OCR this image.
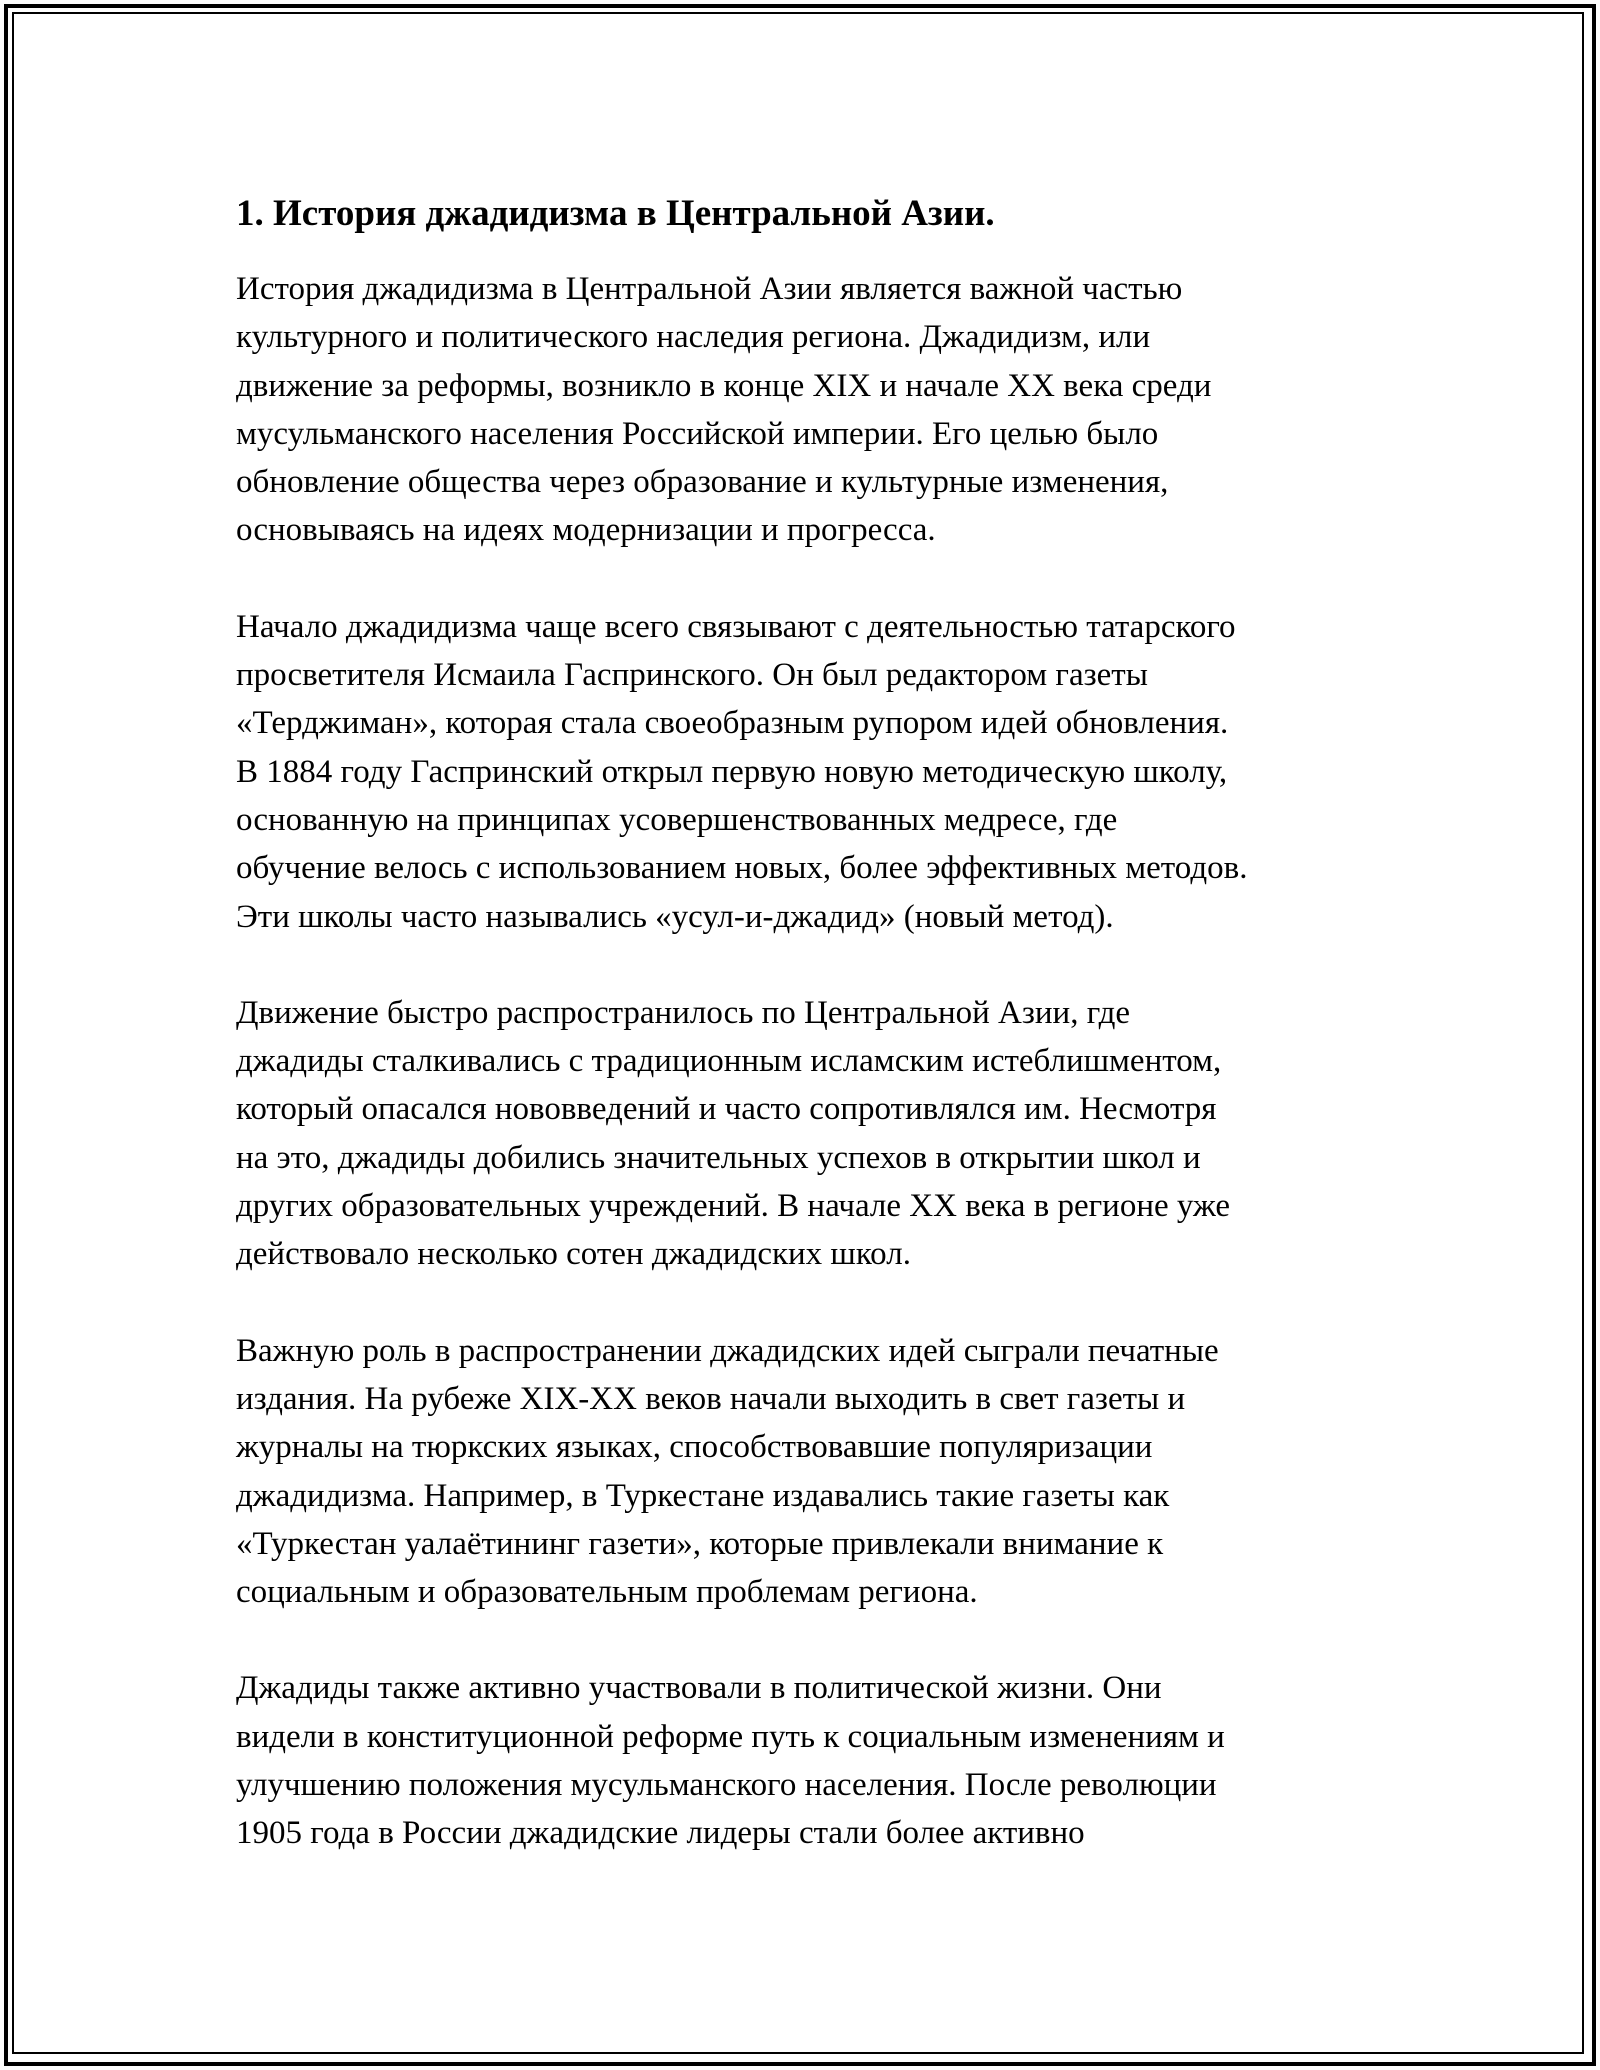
1. История джадидизма в Центральной Азии.

История джадидизма в Центральной Азии является важной частью
культурного и политического наследия региона. Джадидизм, или
движение за реформы, возникло в конце XIX и начале XX века среди
мусульманского населения Российской империи. Его целью было
обновление общества через образование и культурные изменения,
основываясь на идеях модернизации и прогресса.

Начало джадидизма чаще всего связывают с деятельностью татарского
просветителя Исмаила Гаспринского. Он был редактором газеты
«Терджиман», которая стала своеобразным рупором идей обновления.
В 1884 году Гаспринский открыл первую новую методическую школу,
основанную на принципах усовершенствованных медресе, где
обучение велось с использованием новых, более эффективных методов.
Эти школы часто назывались «усул-и-джадид» (новый метод).

Движение быстро распространилось по Центральной Азии, где
джадиды сталкивались с традиционным исламским истеблишментом,
который опасался нововведений и часто сопротивлялся им. Несмотря
на это, джадиды добились значительных успехов в открытии школ и
других образовательных учреждений. В начале XX века в регионе уже
действовало несколько сотен джадидских школ.

Важную роль в распространении джадидских идей сыграли печатные
издания. На рубеже XIX-XX веков начали выходить в свет газеты и
журналы на тюркских языках, способствовавшие популяризации
джадидизма. Например, в Туркестане издавались такие газеты как
«Туркестан уалаётининг газети», которые привлекали внимание к
социальным и образовательным проблемам региона.

Джадиды также активно участвовали в политической жизни. Они
видели в конституционной реформе путь к социальным изменениям и
улучшению положения мусульманского населения. После революции
1905 года в России джадидские лидеры стали более активно
